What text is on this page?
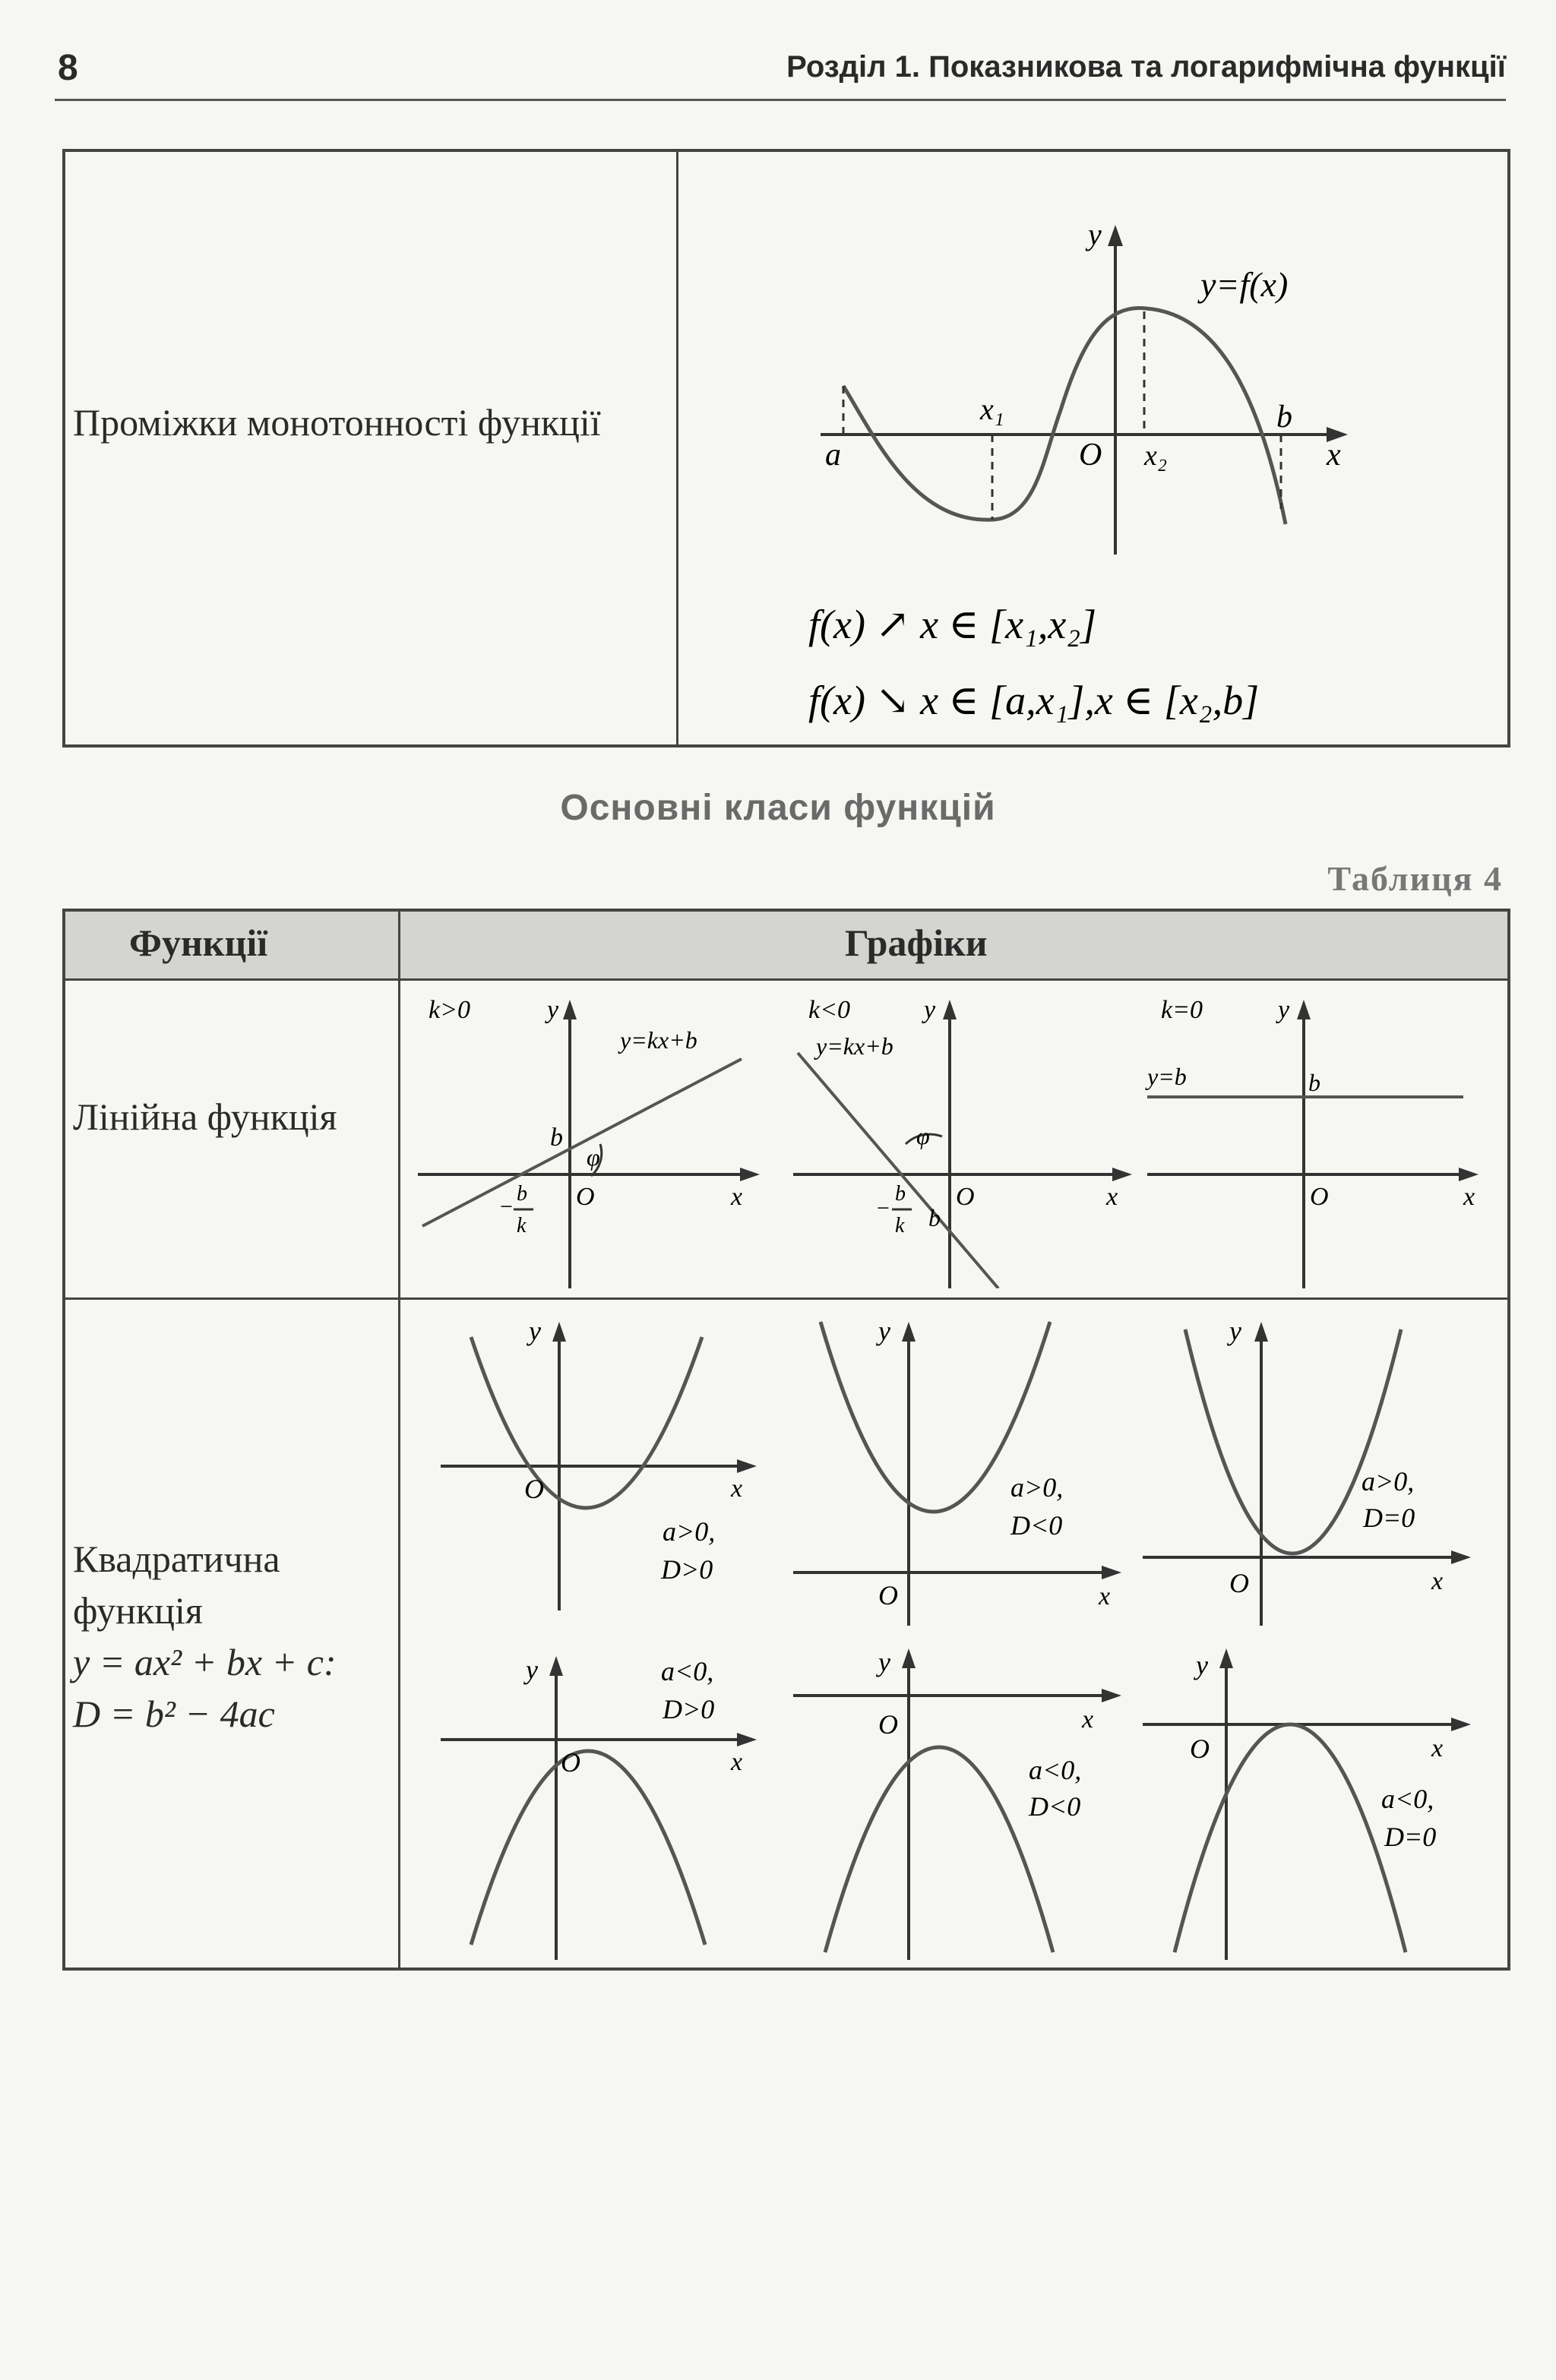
8	Розділ 1. Показникова та логарифмічна функції
Проміжки монотонності функції
y
x
O
y=f(x)
a
b
x₁
x₂
f(x) ↗ x ∈ [x₁,x₂]
f(x) ↘ x ∈ [a,x₁],x ∈ [x₂,b]
Основні класи функцій
Таблиця 4
Функції	Графіки
Лінійна функція
k>0	y
y=kx+b
b
φ
O	x
−
b
k
k<0	y
y=kx+b
φ
O
b
x
−
b
k
k=0	y
y=b	b
O	x
Квадратична
функція
y = ax² + bx + c:
D = b² − 4ac
y
O	x
a>0,
D>0
y
O	x
a>0,
D<0
y
O	x
a>0,
D=0
y
O	x
a<0,
D>0
y
O	x
a<0,
D<0
y
O	x
a<0,
D=0
